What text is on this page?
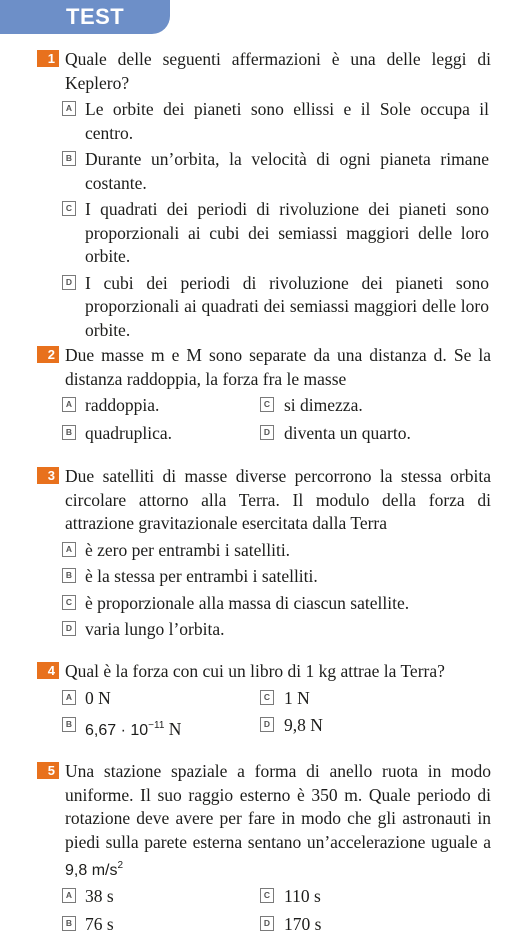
TEST
1 Quale delle seguenti affermazioni è una delle leggi di Keplero?
A Le orbite dei pianeti sono ellissi e il Sole occupa il centro.
B Durante un’orbita, la velocità di ogni pianeta rimane costante.
C I quadrati dei periodi di rivoluzione dei pianeti sono proporzionali ai cubi dei semiassi maggiori delle loro orbite.
D I cubi dei periodi di rivoluzione dei pianeti sono proporzionali ai quadrati dei semiassi maggiori delle loro orbite.
2 Due masse m e M sono separate da una distanza d. Se la distanza raddoppia, la forza fra le masse
A raddoppia.	C si dimezza.
B quadruplica.	D diventa un quarto.
3 Due satelliti di masse diverse percorrono la stessa orbita circolare attorno alla Terra. Il modulo della forza di attrazione gravitazionale esercitata dalla Terra
A è zero per entrambi i satelliti.
B è la stessa per entrambi i satelliti.
C è proporzionale alla massa di ciascun satellite.
D varia lungo l’orbita.
4 Qual è la forza con cui un libro di 1 kg attrae la Terra?
A 0 N	C 1 N
B $6,67 \cdot 10^{-11}$ N	D 9,8 N
5 Una stazione spaziale a forma di anello ruota in modo uniforme. Il suo raggio esterno è 350 m. Quale periodo di rotazione deve avere per fare in modo che gli astronauti in piedi sulla parete esterna sentano un’accelerazione uguale a 9,8 $m/s^2$
A 38 s	C 110 s
B 76 s	D 170 s
